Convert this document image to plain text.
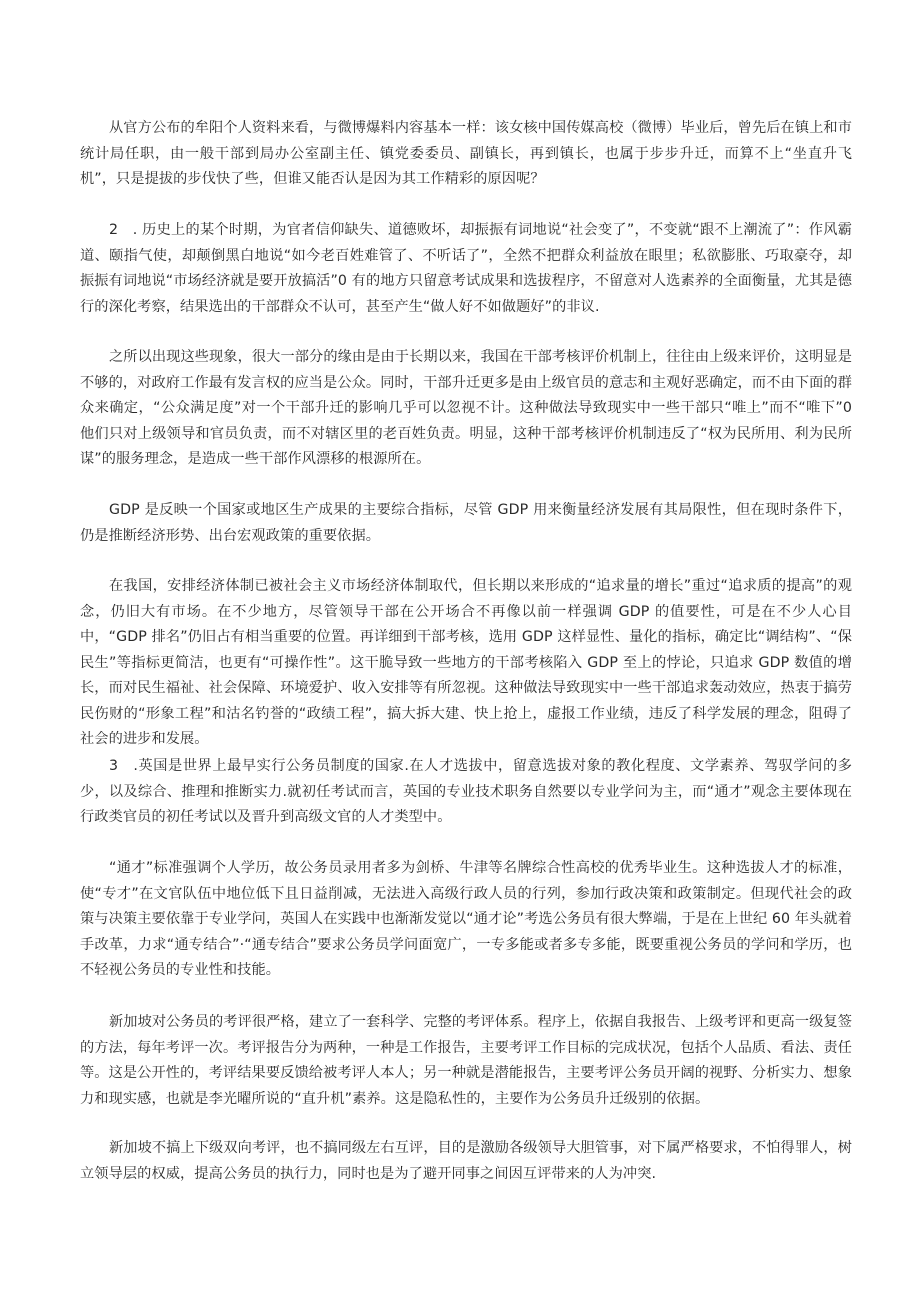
从官方公布的牟阳个人资料来看，与微博爆料内容基本一样：该女核中国传媒高校（微博）毕业后，曾先后在镇上和市统计局任职，由一般干部到局办公室副主任、镇党委委员、副镇长，再到镇长，也属于步步升迁，而算不上“坐直升飞机”，只是提拔的步伐快了些，但谁又能否认是因为其工作精彩的原因呢？

2　. 历史上的某个时期，为官者信仰缺失、道德败坏，却振振有词地说“社会变了”，不变就“跟不上潮流了”：作风霸道、颐指气使，却颠倒黑白地说“如今老百姓难管了、不听话了”，全然不把群众利益放在眼里；私欲膨胀、巧取豪夺，却振振有词地说“市场经济就是要开放搞活”0 有的地方只留意考试成果和选拔程序，不留意对人选素养的全面衡量，尤其是德行的深化考察，结果选出的干部群众不认可，甚至产生“做人好不如做题好”的非议.

之所以出现这些现象，很大一部分的缘由是由于长期以来，我国在干部考核评价机制上，往往由上级来评价，这明显是不够的，对政府工作最有发言权的应当是公众。同时，干部升迁更多是由上级官员的意志和主观好恶确定，而不由下面的群众来确定，“公众满足度”对一个干部升迁的影响几乎可以忽视不计。这种做法导致现实中一些干部只“唯上”而不“唯下”0 他们只对上级领导和官员负责，而不对辖区里的老百姓负责。明显，这种干部考核评价机制违反了“权为民所用、利为民所谋”的服务理念，是造成一些干部作风漂移的根源所在。

GDP 是反映一个国家或地区生产成果的主要综合指标，尽管 GDP 用来衡量经济发展有其局限性，但在现时条件下，仍是推断经济形势、出台宏观政策的重要依据。

在我国，安排经济体制已被社会主义市场经济体制取代，但长期以来形成的“追求量的增长”重过“追求质的提高”的观念，仍旧大有市场。在不少地方，尽管领导干部在公开场合不再像以前一样强调 GDP 的值要性，可是在不少人心目中，“GDP 排名”仍旧占有相当重要的位置。再详细到干部考核，选用 GDP 这样显性、量化的指标，确定比“调结构”、“保民生”等指标更简洁，也更有“可操作性”。这干脆导致一些地方的干部考核陷入 GDP 至上的悖论，只追求 GDP 数值的增长，而对民生福祉、社会保障、环境爱护、收入安排等有所忽视。这种做法导致现实中一些干部追求轰动效应，热衷于搞劳民伤财的“形象工程”和沽名钓誉的“政绩工程”，搞大拆大建、快上抢上，虚报工作业绩，违反了科学发展的理念，阻碍了社会的进步和发展。

3　.英国是世界上最早实行公务员制度的国家.在人才选拔中，留意选拔对象的教化程度、文学素养、驾驭学问的多少，以及综合、推理和推断实力.就初任考试而言，英国的专业技术职务自然要以专业学问为主，而“通才”观念主要体现在行政类官员的初任考试以及晋升到高级文官的人才类型中。

“通才”标准强调个人学历，故公务员录用者多为剑桥、牛津等名牌综合性高校的优秀毕业生。这种选拔人才的标准，使“专才”在文官队伍中地位低下且日益削减，无法进入高级行政人员的行列，参加行政决策和政策制定。但现代社会的政策与决策主要依靠于专业学问，英国人在实践中也渐渐发觉以“通才论”考选公务员有很大弊端，于是在上世纪 60 年头就着手改革，力求“通专结合”·“通专结合”要求公务员学问面宽广，一专多能或者多专多能，既要重视公务员的学问和学历，也不轻视公务员的专业性和技能。

新加坡对公务员的考评很严格，建立了一套科学、完整的考评体系。程序上，依据自我报告、上级考评和更高一级复签的方法，每年考评一次。考评报告分为两种，一种是工作报告，主要考评工作目标的完成状况，包括个人品质、看法、责任等。这是公开性的，考评结果要反馈给被考评人本人；另一种就是潜能报告，主要考评公务员开阔的视野、分析实力、想象力和现实感，也就是李光曜所说的“直升机”素养。这是隐私性的，主要作为公务员升迁级别的依据。

新加坡不搞上下级双向考评，也不搞同级左右互评，目的是激励各级领导大胆管事，对下属严格要求，不怕得罪人，树立领导层的权威，提高公务员的执行力，同时也是为了避开同事之间因互评带来的人为冲突.
